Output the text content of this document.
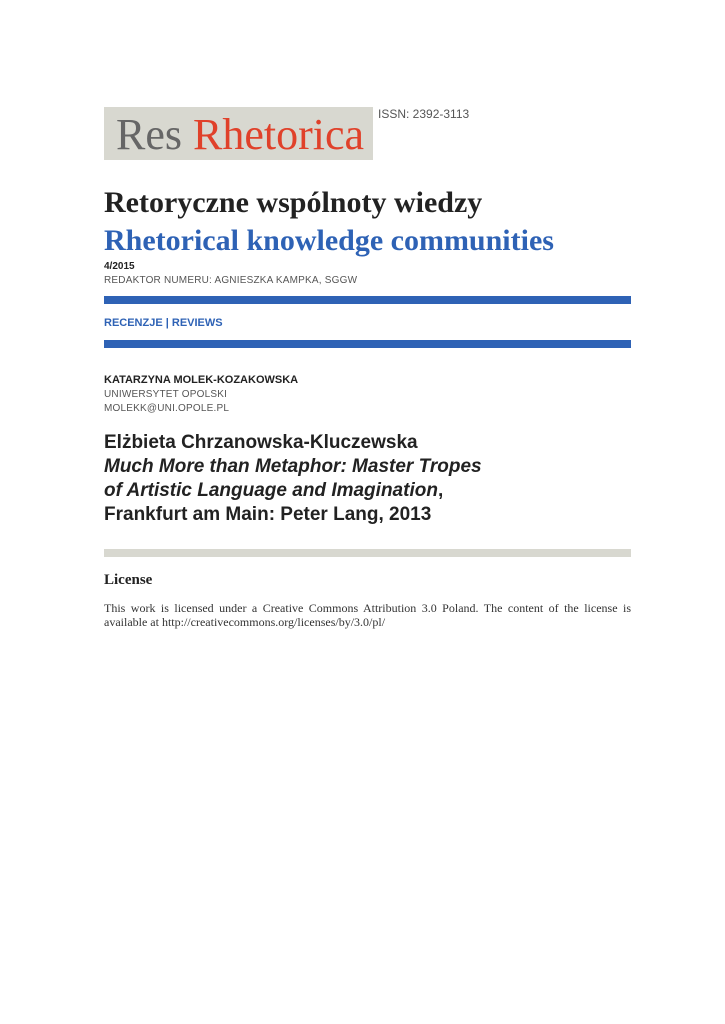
Res Rhetorica ISSN: 2392-3113
Retoryczne wspólnoty wiedzy
Rhetorical knowledge communities
4/2015
REDAKTOR NUMERU: AGNIESZKA KAMPKA, SGGW
RECENZJE | REVIEWS
KATARZYNA MOLEK-KOZAKOWSKA
UNIWERSYTET OPOLSKI
MOLEKK@UNI.OPOLE.PL
Elżbieta Chrzanowska-Kluczewska
Much More than Metaphor: Master Tropes
of Artistic Language and Imagination,
Frankfurt am Main: Peter Lang, 2013
License
This work is licensed under a Creative Commons Attribution 3.0 Poland. The content of the license is available at http://creativecommons.org/licenses/by/3.0/pl/
